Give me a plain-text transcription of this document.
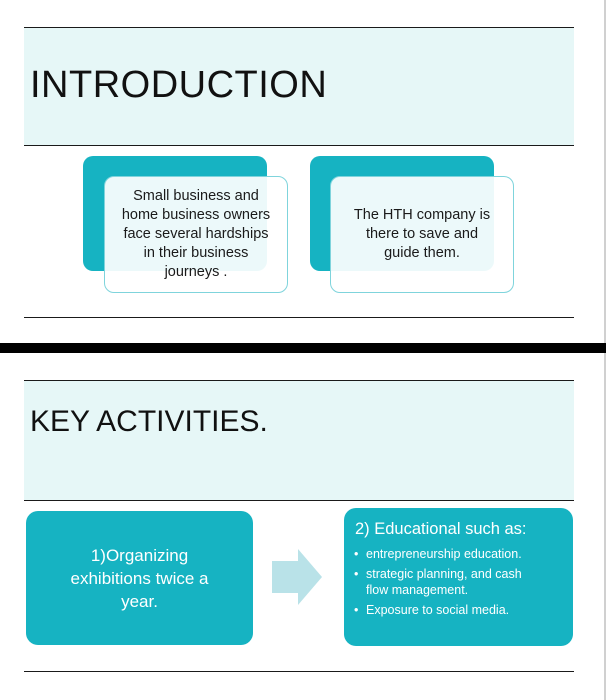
INTRODUCTION
Small business and
home business owners
face several hardships
in their business
journeys .
The HTH company is
there to save and
guide them.
KEY ACTIVITIES.
1)Organizing
exhibitions twice a
year.
2) Educational such as:
• entrepreneurship education.
• strategic planning, and cash
flow management.
• Exposure to social media.
